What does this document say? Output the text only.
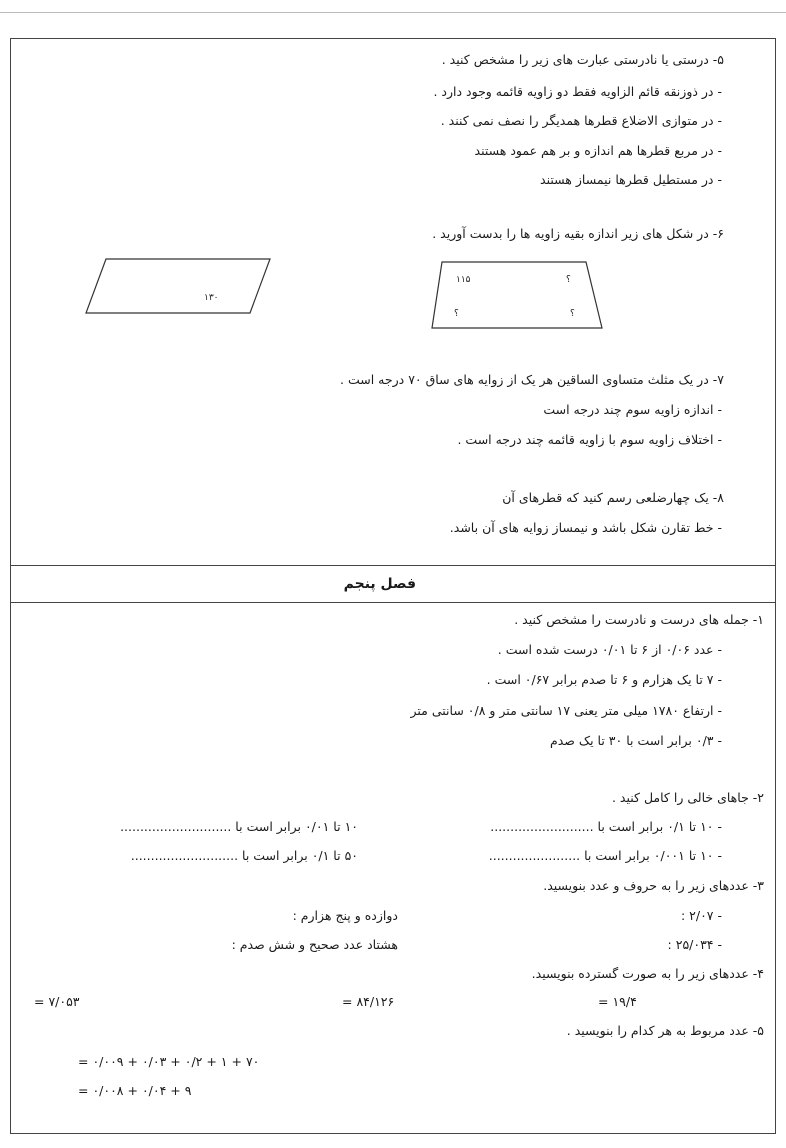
۵- درستی یا نادرستی عبارت های زیر را مشخص کنید .
- در ذوزنقه قائم الزاویه فقط دو زاویه قائمه وجود دارد .
- در متوازی الاضلاع قطرها همدیگر را نصف نمی کنند .
- در مربع قطرها هم اندازه و بر هم عمود هستند
- در مستطیل قطرها نیمساز هستند
۶- در شکل های زیر اندازه بقیه زاویه ها را بدست آورید .
۱۳۰
۱۱۵	؟
؟	؟
۷- در یک مثلث متساوی الساقین هر یک از زوایه های ساق ۷۰ درجه است .
- اندازه زاویه سوم چند درجه است
- اختلاف زاویه سوم با زاویه قائمه چند درجه است .
۸- یک چهارضلعی رسم کنید که قطرهای آن
- خط تقارن شکل باشد و نیمساز زوایه های آن باشد.
فصل پنجم
۱- جمله های درست و نادرست را مشخص کنید .
- عدد ۰/۰۶ از ۶ تا ۰/۰۱ درست شده است .
- ۷ تا یک هزارم و ۶ تا صدم برابر ۰/۶۷ است .
- ارتفاع ۱۷۸۰ میلی متر یعنی ۱۷ سانتی متر و ۰/۸ سانتی متر
- ۰/۳ برابر است با ۳۰ تا یک صدم
۲- جاهای خالی را کامل کنید .
- ۱۰ تا ۰/۱ برابر است با ..........................
- ۱۰ تا ۰/۰۰۱ برابر است با .......................
۱۰ تا ۰/۰۱ برابر است با ............................
۵۰ تا ۰/۱ برابر است با ...........................
۳- عددهای زیر را به حروف و عدد بنویسید.
- ۲/۰۷ :
- ۲۵/۰۳۴ :
دوازده و پنج هزارم :
هشتاد عدد صحیح و شش صدم :
۴- عددهای زیر را به صورت گسترده بنویسید.
۱۹/۴ =
۸۴/۱۲۶ =
۷/۰۵۳ =
۵- عدد مربوط به هر کدام را بنویسید .
۷۰ + ۱ + ۰/۲ + ۰/۰۳ + ۰/۰۰۹ =
۹ + ۰/۰۴ + ۰/۰۰۸ =
